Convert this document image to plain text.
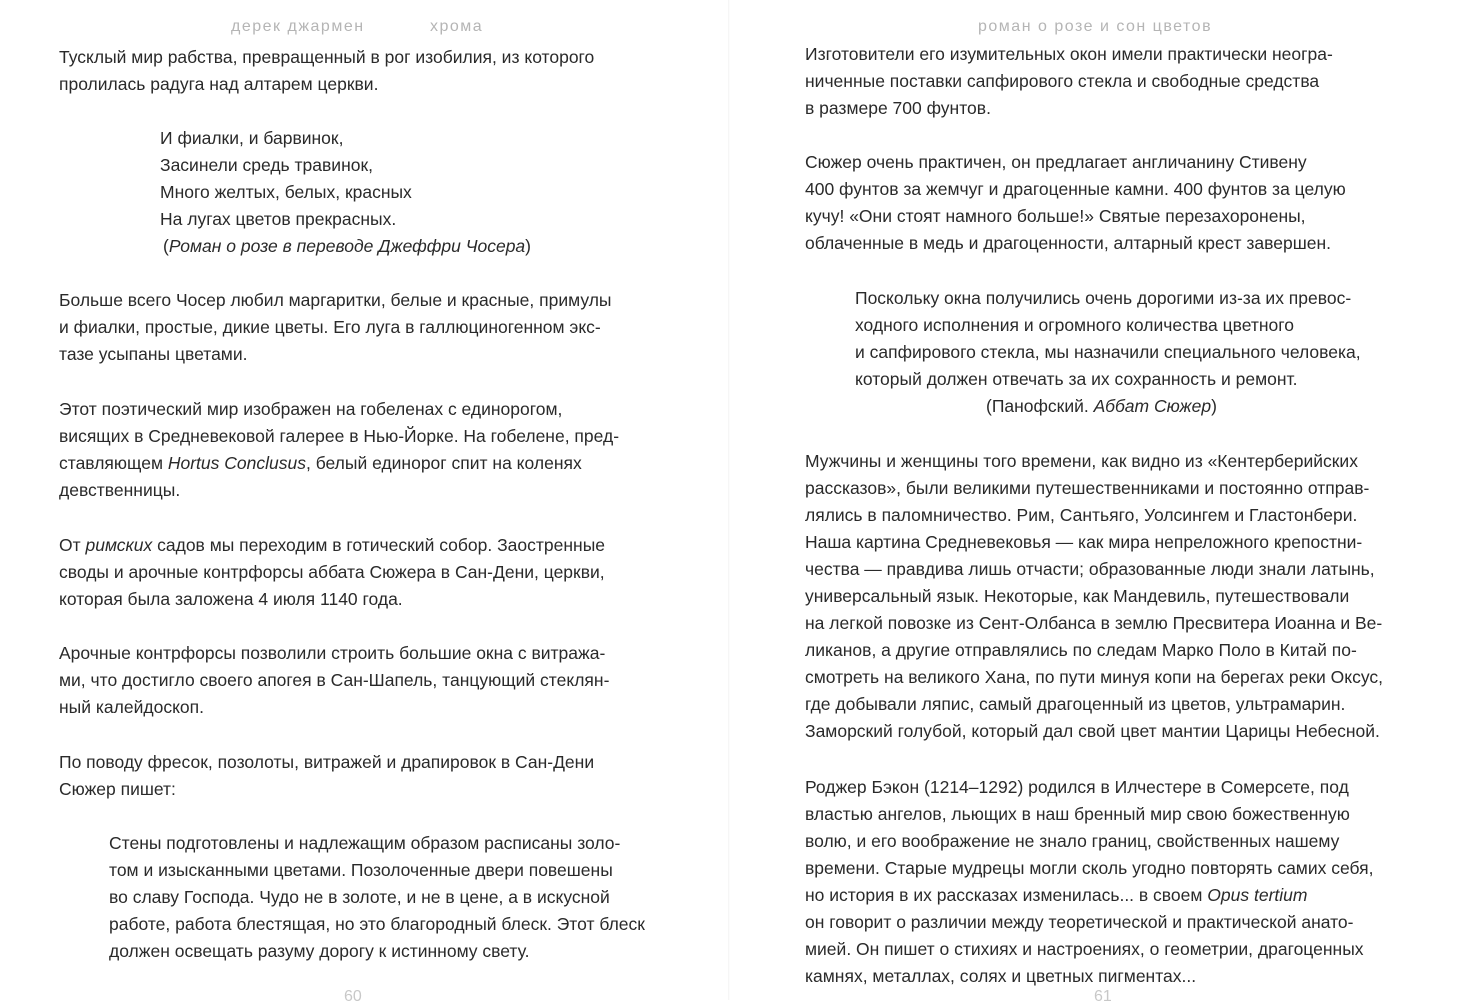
дерек джармен	хрома
Тусклый мир рабства, превращенный в рог изобилия, из которого
пролилась радуга над алтарем церкви.
И фиалки, и барвинок,
Засинели средь травинок,
Много желтых, белых, красных
На лугах цветов прекрасных.
(Роман о розе в переводе Джеффри Чосера)
Больше всего Чосер любил маргаритки, белые и красные, примулы
и фиалки, простые, дикие цветы. Его луга в галлюциногенном экс-
тазе усыпаны цветами.
Этот поэтический мир изображен на гобеленах с единорогом,
висящих в Средневековой галерее в Нью-Йорке. На гобелене, пред-
ставляющем Hortus Conclusus, белый единорог спит на коленях
девственницы.
От римских садов мы переходим в готический собор. Заостренные
своды и арочные контрфорсы аббата Сюжера в Сан-Дени, церкви,
которая была заложена 4 июля 1140 года.
Арочные контрфорсы позволили строить большие окна с витража-
ми, что достигло своего апогея в Сан-Шапель, танцующий стеклян-
ный калейдоскоп.
По поводу фресок, позолоты, витражей и драпировок в Сан-Дени
Сюжер пишет:
Стены подготовлены и надлежащим образом расписаны золо-
том и изысканными цветами. Позолоченные двери повешены
во славу Господа. Чудо не в золоте, и не в цене, а в искусной
работе, работа блестящая, но это благородный блеск. Этот блеск
должен освещать разуму дорогу к истинному свету.
60
роман о розе и сон цветов
Изготовители его изумительных окон имели практически неогра-
ниченные поставки сапфирового стекла и свободные средства
в размере 700 фунтов.
Сюжер очень практичен, он предлагает англичанину Стивену
400 фунтов за жемчуг и драгоценные камни. 400 фунтов за целую
кучу! «Они стоят намного больше!» Святые перезахоронены,
облаченные в медь и драгоценности, алтарный крест завершен.
Поскольку окна получились очень дорогими из-за их превос-
ходного исполнения и огромного количества цветного
и сапфирового стекла, мы назначили специального человека,
который должен отвечать за их сохранность и ремонт.
(Панофский. Аббат Сюжер)
Мужчины и женщины того времени, как видно из «Кентерберийских
рассказов», были великими путешественниками и постоянно отправ-
лялись в паломничество. Рим, Сантьяго, Уолсингем и Гластонбери.
Наша картина Средневековья — как мира непреложного крепостни-
чества — правдива лишь отчасти; образованные люди знали латынь,
универсальный язык. Некоторые, как Мандевиль, путешествовали
на легкой повозке из Сент-Олбанса в землю Пресвитера Иоанна и Ве-
ликанов, а другие отправлялись по следам Марко Поло в Китай по-
смотреть на великого Хана, по пути минуя копи на берегах реки Оксус,
где добывали ляпис, самый драгоценный из цветов, ультрамарин.
Заморский голубой, который дал свой цвет мантии Царицы Небесной.
Роджер Бэкон (1214–1292) родился в Илчестере в Сомерсете, под
властью ангелов, льющих в наш бренный мир свою божественную
волю, и его воображение не знало границ, свойственных нашему
времени. Старые мудрецы могли сколь угодно повторять самих себя,
но история в их рассказах изменилась... в своем Opus tertium
он говорит о различии между теоретической и практической анато-
мией. Он пишет о стихиях и настроениях, о геометрии, драгоценных
камнях, металлах, солях и цветных пигментах...
61
